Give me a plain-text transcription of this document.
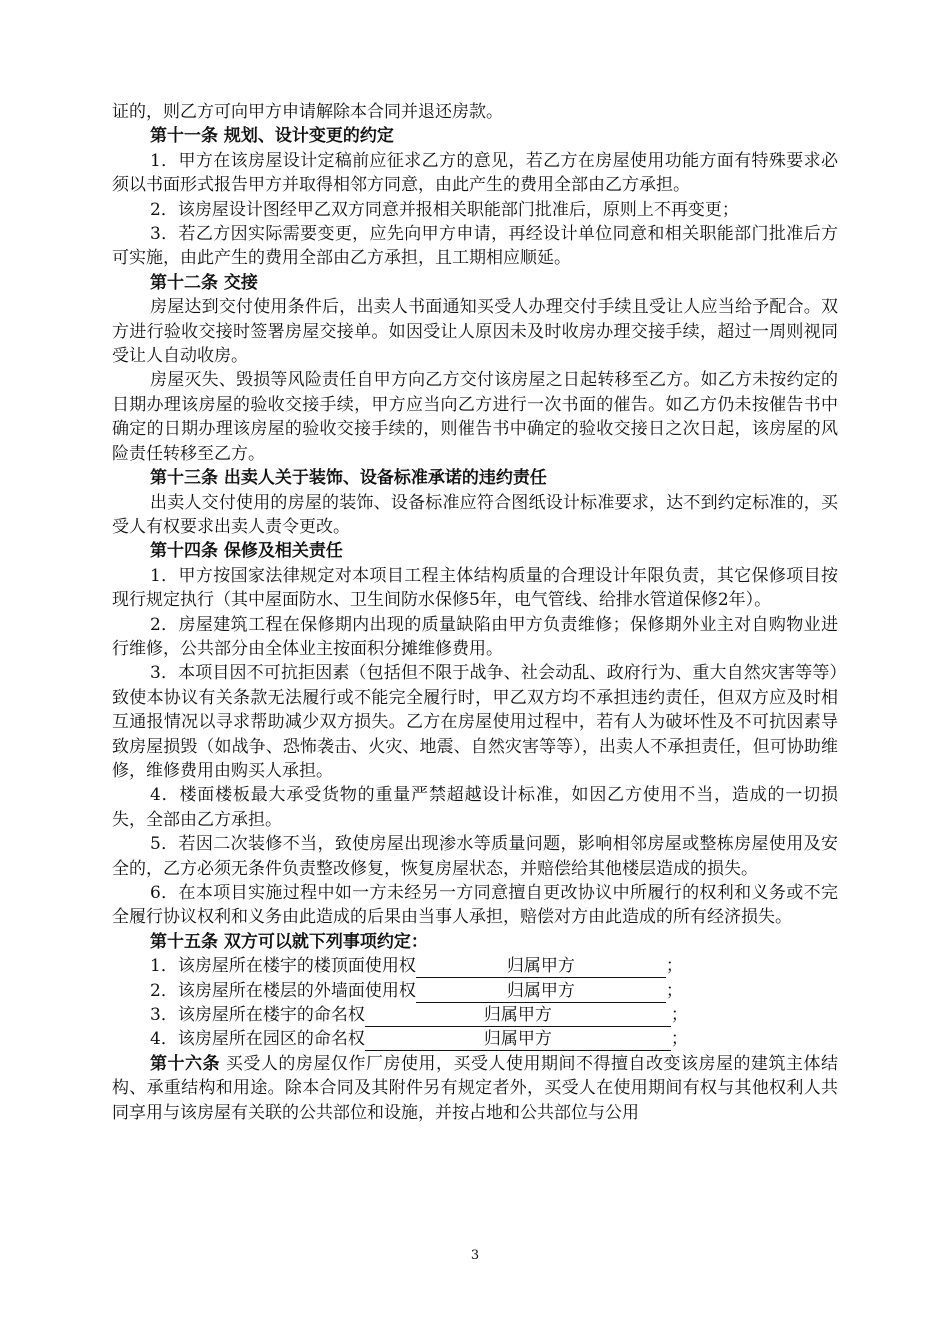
证的，则乙方可向甲方申请解除本合同并退还房款。

第十一条 规划、设计变更的约定

1．甲方在该房屋设计定稿前应征求乙方的意见，若乙方在房屋使用功能方面有特殊要求必须以书面形式报告甲方并取得相邻方同意，由此产生的费用全部由乙方承担。

2．该房屋设计图经甲乙双方同意并报相关职能部门批准后，原则上不再变更；

3．若乙方因实际需要变更，应先向甲方申请，再经设计单位同意和相关职能部门批准后方可实施，由此产生的费用全部由乙方承担，且工期相应顺延。

第十二条 交接

房屋达到交付使用条件后，出卖人书面通知买受人办理交付手续且受让人应当给予配合。双方进行验收交接时签署房屋交接单。如因受让人原因未及时收房办理交接手续，超过一周则视同受让人自动收房。

房屋灭失、毁损等风险责任自甲方向乙方交付该房屋之日起转移至乙方。如乙方未按约定的日期办理该房屋的验收交接手续，甲方应当向乙方进行一次书面的催告。如乙方仍未按催告书中确定的日期办理该房屋的验收交接手续的，则催告书中确定的验收交接日之次日起，该房屋的风险责任转移至乙方。

第十三条 出卖人关于装饰、设备标准承诺的违约责任

出卖人交付使用的房屋的装饰、设备标准应符合图纸设计标准要求，达不到约定标准的，买受人有权要求出卖人责令更改。

第十四条 保修及相关责任

1．甲方按国家法律规定对本项目工程主体结构质量的合理设计年限负责，其它保修项目按现行规定执行（其中屋面防水、卫生间防水保修5年，电气管线、给排水管道保修2年）。

2．房屋建筑工程在保修期内出现的质量缺陷由甲方负责维修；保修期外业主对自购物业进行维修，公共部分由全体业主按面积分摊维修费用。

3．本项目因不可抗拒因素（包括但不限于战争、社会动乱、政府行为、重大自然灾害等等）致使本协议有关条款无法履行或不能完全履行时，甲乙双方均不承担违约责任，但双方应及时相互通报情况以寻求帮助减少双方损失。乙方在房屋使用过程中，若有人为破坏性及不可抗因素导致房屋损毁（如战争、恐怖袭击、火灾、地震、自然灾害等等），出卖人不承担责任，但可协助维修，维修费用由购买人承担。

4．楼面楼板最大承受货物的重量严禁超越设计标准，如因乙方使用不当，造成的一切损失，全部由乙方承担。

5．若因二次装修不当，致使房屋出现渗水等质量问题，影响相邻房屋或整栋房屋使用及安全的，乙方必须无条件负责整改修复，恢复房屋状态，并赔偿给其他楼层造成的损失。

6．在本项目实施过程中如一方未经另一方同意擅自更改协议中所履行的权利和义务或不完全履行协议权利和义务由此造成的后果由当事人承担，赔偿对方由此造成的所有经济损失。

第十五条 双方可以就下列事项约定：

1．该房屋所在楼宇的楼顶面使用权	归属甲方	；

2．该房屋所在楼层的外墙面使用权	归属甲方	；

3．该房屋所在楼宇的命名权	归属甲方	；

4．该房屋所在园区的命名权	归属甲方	；

第十六条 买受人的房屋仅作厂房使用，买受人使用期间不得擅自改变该房屋的建筑主体结构、承重结构和用途。除本合同及其附件另有规定者外，买受人在使用期间有权与其他权利人共同享用与该房屋有关联的公共部位和设施，并按占地和公共部位与公用

3
